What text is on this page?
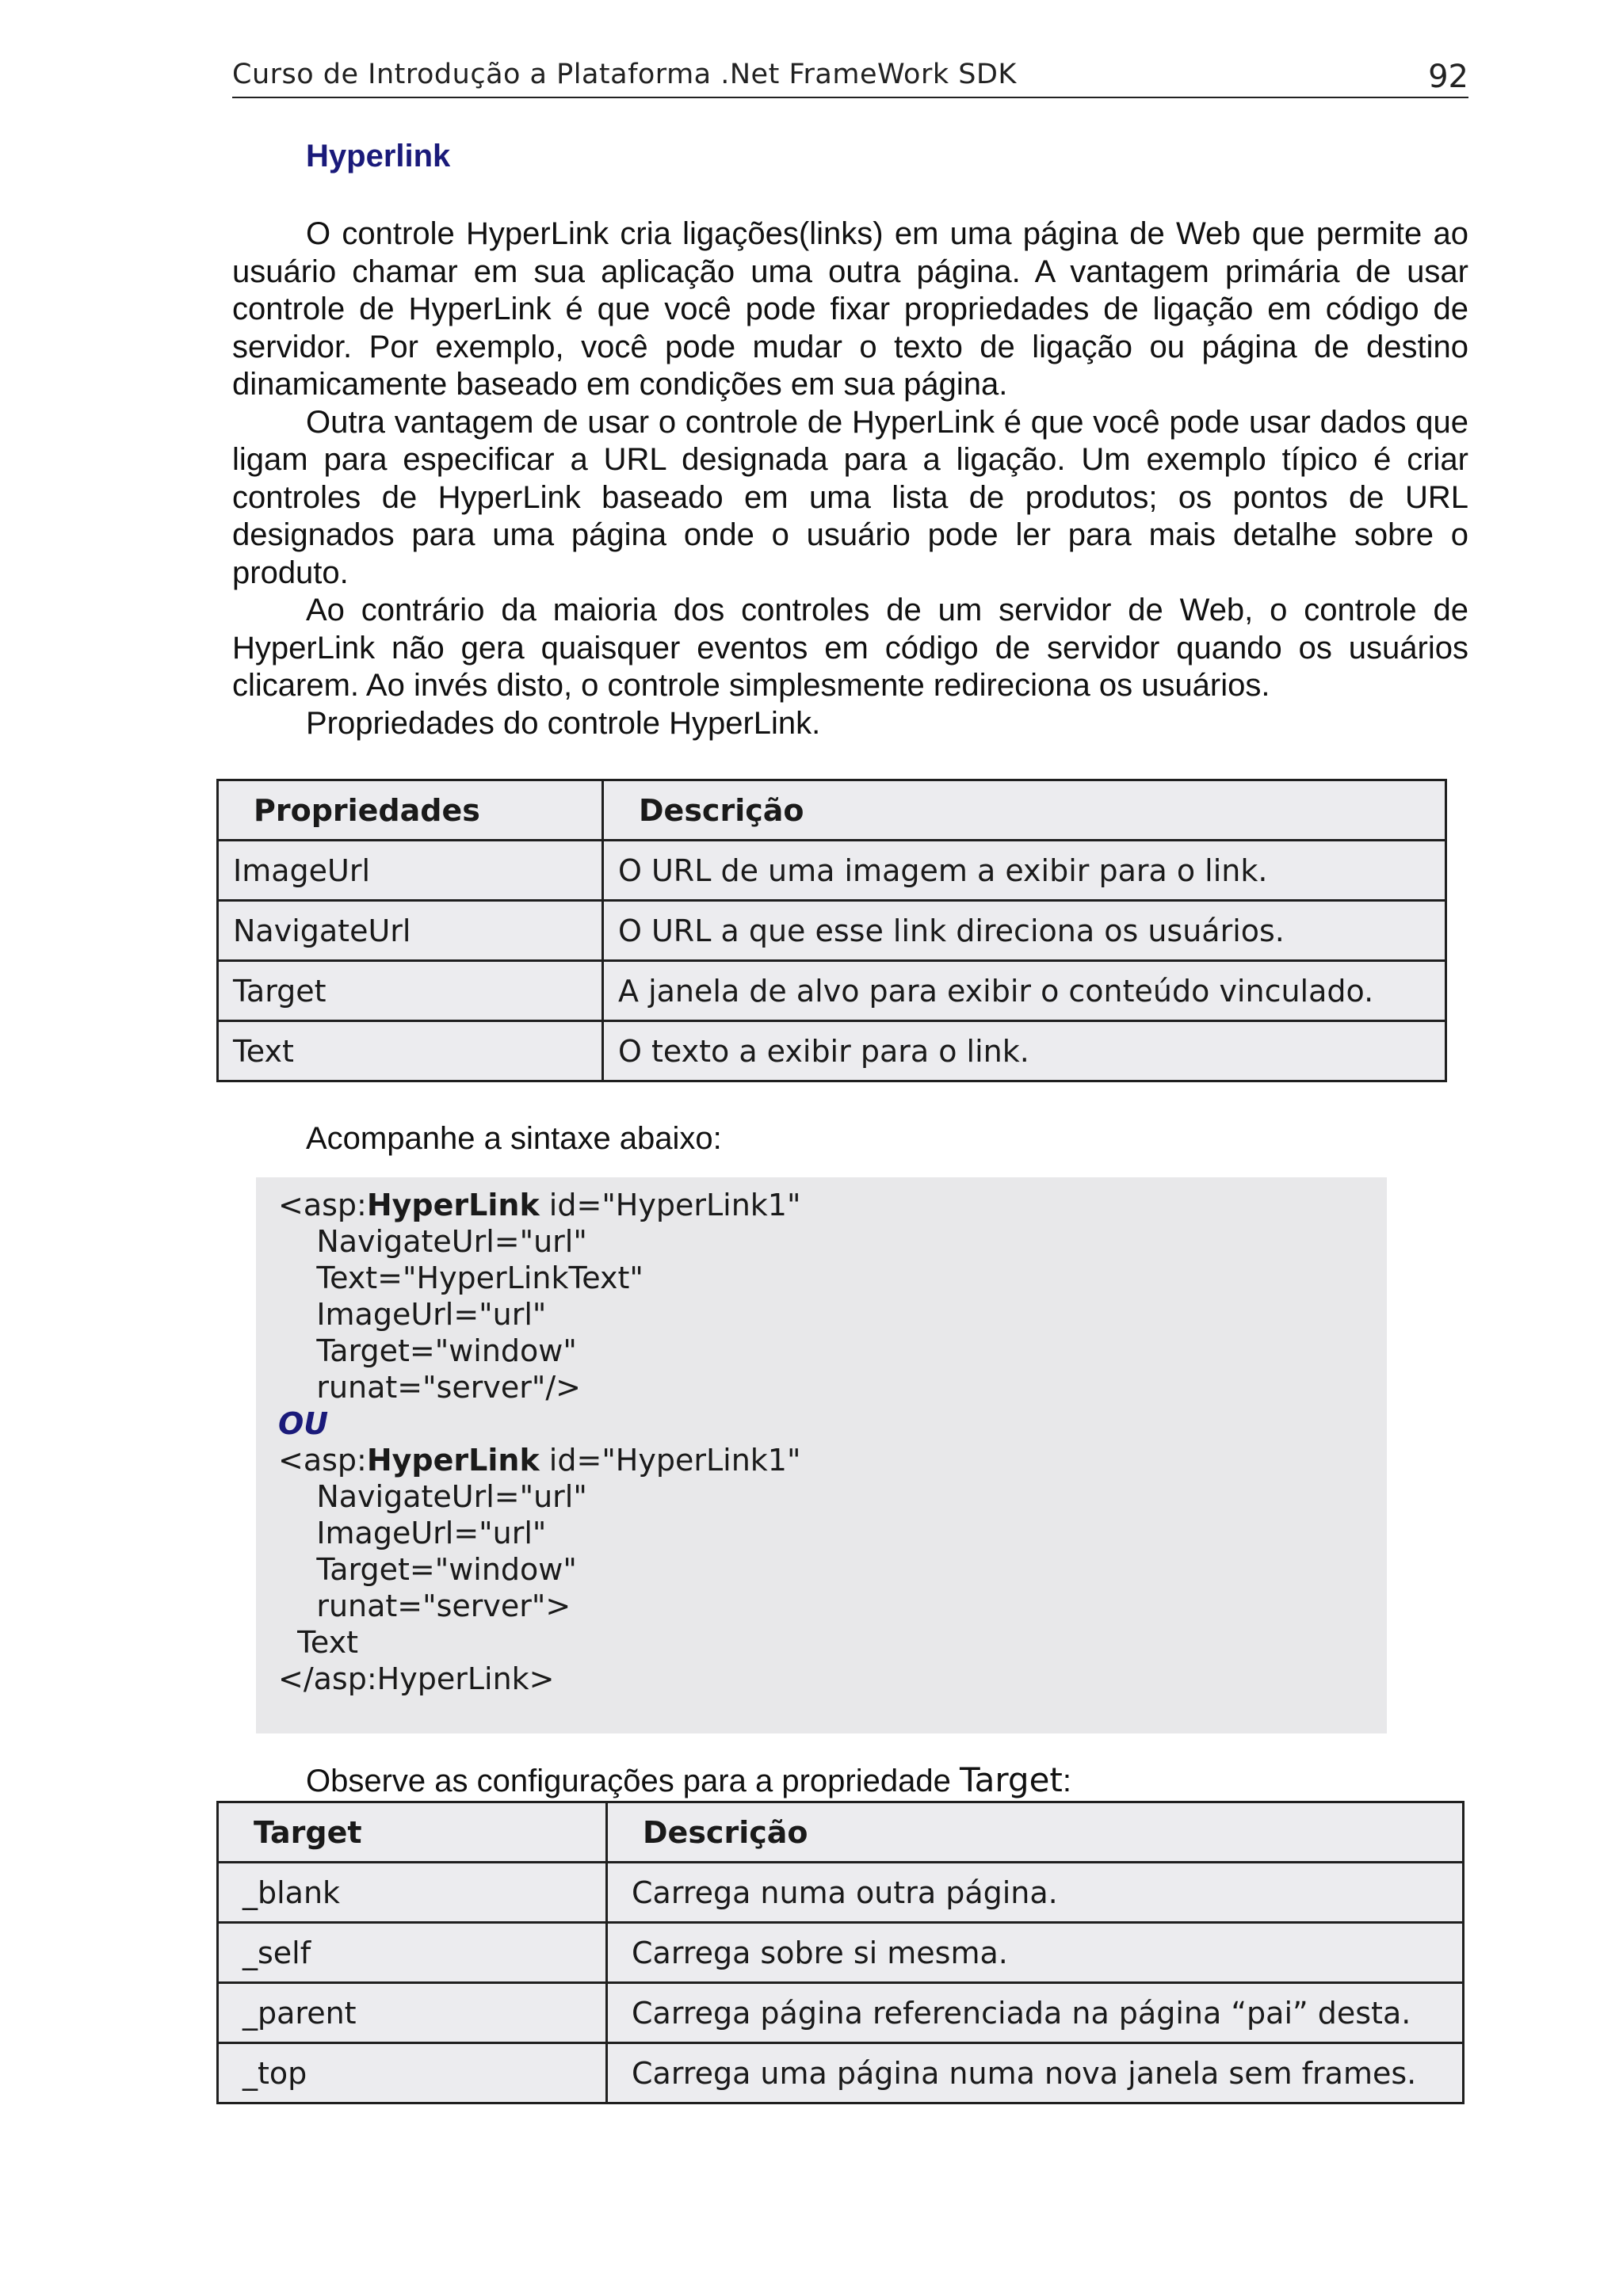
Curso de Introdução a Plataforma .Net FrameWork SDK	92
Hyperlink

O controle HyperLink cria ligações(links) em uma página de Web que permite ao usuário chamar em sua aplicação uma outra página. A vantagem primária de usar controle de HyperLink é que você pode fixar propriedades de ligação em código de servidor. Por exemplo, você pode mudar o texto de ligação ou página de destino dinamicamente baseado em condições em sua página.

Outra vantagem de usar o controle de HyperLink é que você pode usar dados que ligam para especificar a URL designada para a ligação. Um exemplo típico é criar controles de HyperLink baseado em uma lista de produtos; os pontos de URL designados para uma página onde o usuário pode ler para mais detalhe sobre o produto.

Ao contrário da maioria dos controles de um servidor de Web, o controle de HyperLink não gera quaisquer eventos em código de servidor quando os usuários clicarem. Ao invés disto, o controle simplesmente redireciona os usuários.

Propriedades do controle HyperLink.

Propriedades	Descrição
ImageUrl	O URL de uma imagem a exibir para o link.
NavigateUrl	O URL a que esse link direciona os usuários.
Target	A janela de alvo para exibir o conteúdo vinculado.
Text	O texto a exibir para o link.
Acompanhe a sintaxe abaixo:
<asp:HyperLink id="HyperLink1"
NavigateUrl="url"
Text="HyperLinkText"
ImageUrl="url"
Target="window"
runat="server"/>
OU
<asp:HyperLink id="HyperLink1"
NavigateUrl="url"
ImageUrl="url"
Target="window"
runat="server">
Text
</asp:HyperLink>
Observe as configurações para a propriedade Target:
Target	Descrição
_blank	Carrega numa outra página.
_self	Carrega sobre si mesma.
_parent	Carrega página referenciada na página “pai” desta.
_top	Carrega uma página numa nova janela sem frames.
